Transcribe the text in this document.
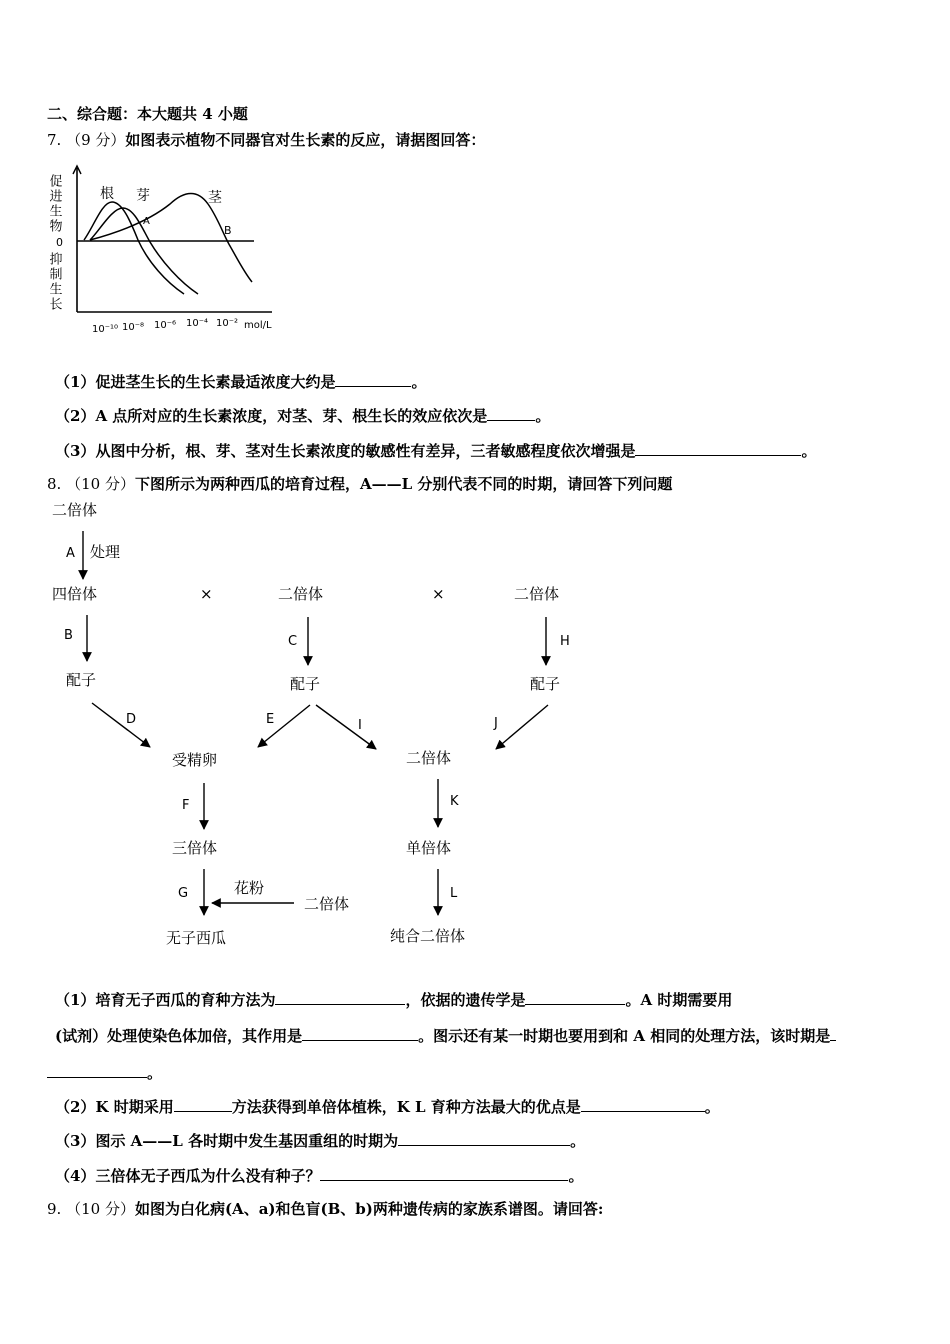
二、综合题：本大题共 4 小题
7. （9 分）如图表示植物不同器官对生长素的反应，请据图回答：
促进生物
0
抑制生长
根 芽	茎
A
B
10⁻¹⁰ 10⁻⁸ 10⁻⁶ 10⁻⁴ 10⁻² mol/L
（1）促进茎生长的生长素最适浓度大约是	。
（2）A 点所对应的生长素浓度，对茎、芽、根生长的效应依次是	。
（3）从图中分析，根、芽、茎对生长素浓度的敏感性有差异，三者敏感程度依次增强是	。
8. （10 分）下图所示为两种西瓜的培育过程，A——L 分别代表不同的时期，请回答下列问题
二倍体
处理
四倍体	×	二倍体	×	二倍体
配子	配子	配子
受精卵	二倍体
三倍体	单倍体
花粉
二倍体
无子西瓜	纯合二倍体
A
B	C	H
D	E	I	J
F	K
G	L
（1）培育无子西瓜的育种方法为	，依据的遗传学是	。A 时期需要用
(试剂）处理使染色体加倍，其作用是	。图示还有某一时期也要用到和 A 相同的处理方法，该时期是
。
（2）K 时期采用	方法获得到单倍体植株，K L 育种方法最大的优点是	。
（3）图示 A——L 各时期中发生基因重组的时期为	。
（4）三倍体无子西瓜为什么没有种子？	。
9. （10 分）如图为白化病(A、a)和色盲(B、b)两种遗传病的家族系谱图。请回答:
